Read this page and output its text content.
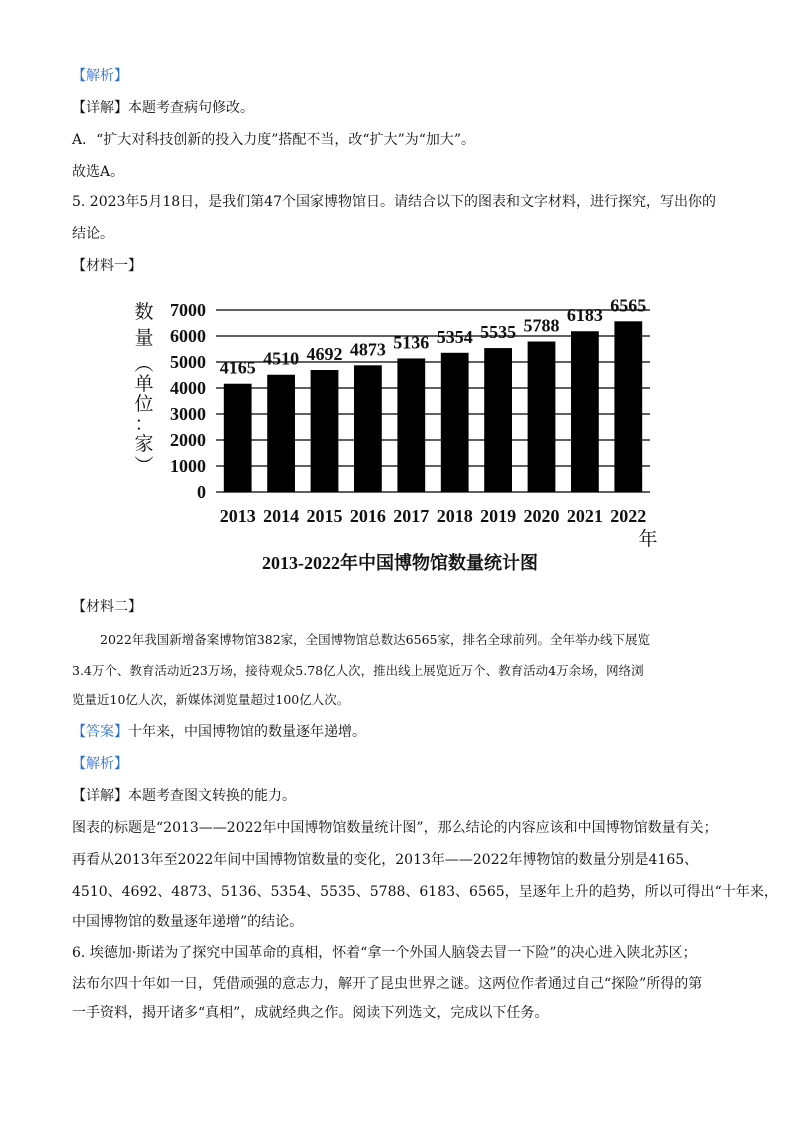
【解析】
【详解】本题考查病句修改。
A．“扩大对科技创新的投入力度”搭配不当，改“扩大”为“加大”。
故选A。
5. 2023年5月18日，是我们第47个国家博物馆日。请结合以下的图表和文字材料，进行探究，写出你的
结论。
【材料一】
数
量
︵
单
位
：
家
︶
0
1000
2000
3000
4000
5000
6000
7000
4165 4510 4692 4873 5136 5354 5535 5788
6183 6565
2013 2014 2015 2016 2017 2018 2019 2020 2021 2022
年
2013-2022年中国博物馆数量统计图
【材料二】
2022年我国新增备案博物馆382家，全国博物馆总数达6565家，排名全球前列。全年举办线下展览
3.4万个、教育活动近23万场，接待观众5.78亿人次，推出线上展览近万个、教育活动4万余场，网络浏
览量近10亿人次，新媒体浏览量超过100亿人次。
【答案】十年来，中国博物馆的数量逐年递增。
【解析】
【详解】本题考查图文转换的能力。
图表的标题是“2013——2022年中国博物馆数量统计图”，那么结论的内容应该和中国博物馆数量有关；
再看从2013年至2022年间中国博物馆数量的变化，2013年——2022年博物馆的数量分别是4165、
4510、4692、4873、5136、5354、5535、5788、6183、6565，呈逐年上升的趋势，所以可得出“十年来，
中国博物馆的数量逐年递增”的结论。
6. 埃德加·斯诺为了探究中国革命的真相，怀着“拿一个外国人脑袋去冒一下险”的决心进入陕北苏区；
法布尔四十年如一日，凭借顽强的意志力，解开了昆虫世界之谜。这两位作者通过自己“探险”所得的第
一手资料，揭开诸多“真相”，成就经典之作。阅读下列选文，完成以下任务。
